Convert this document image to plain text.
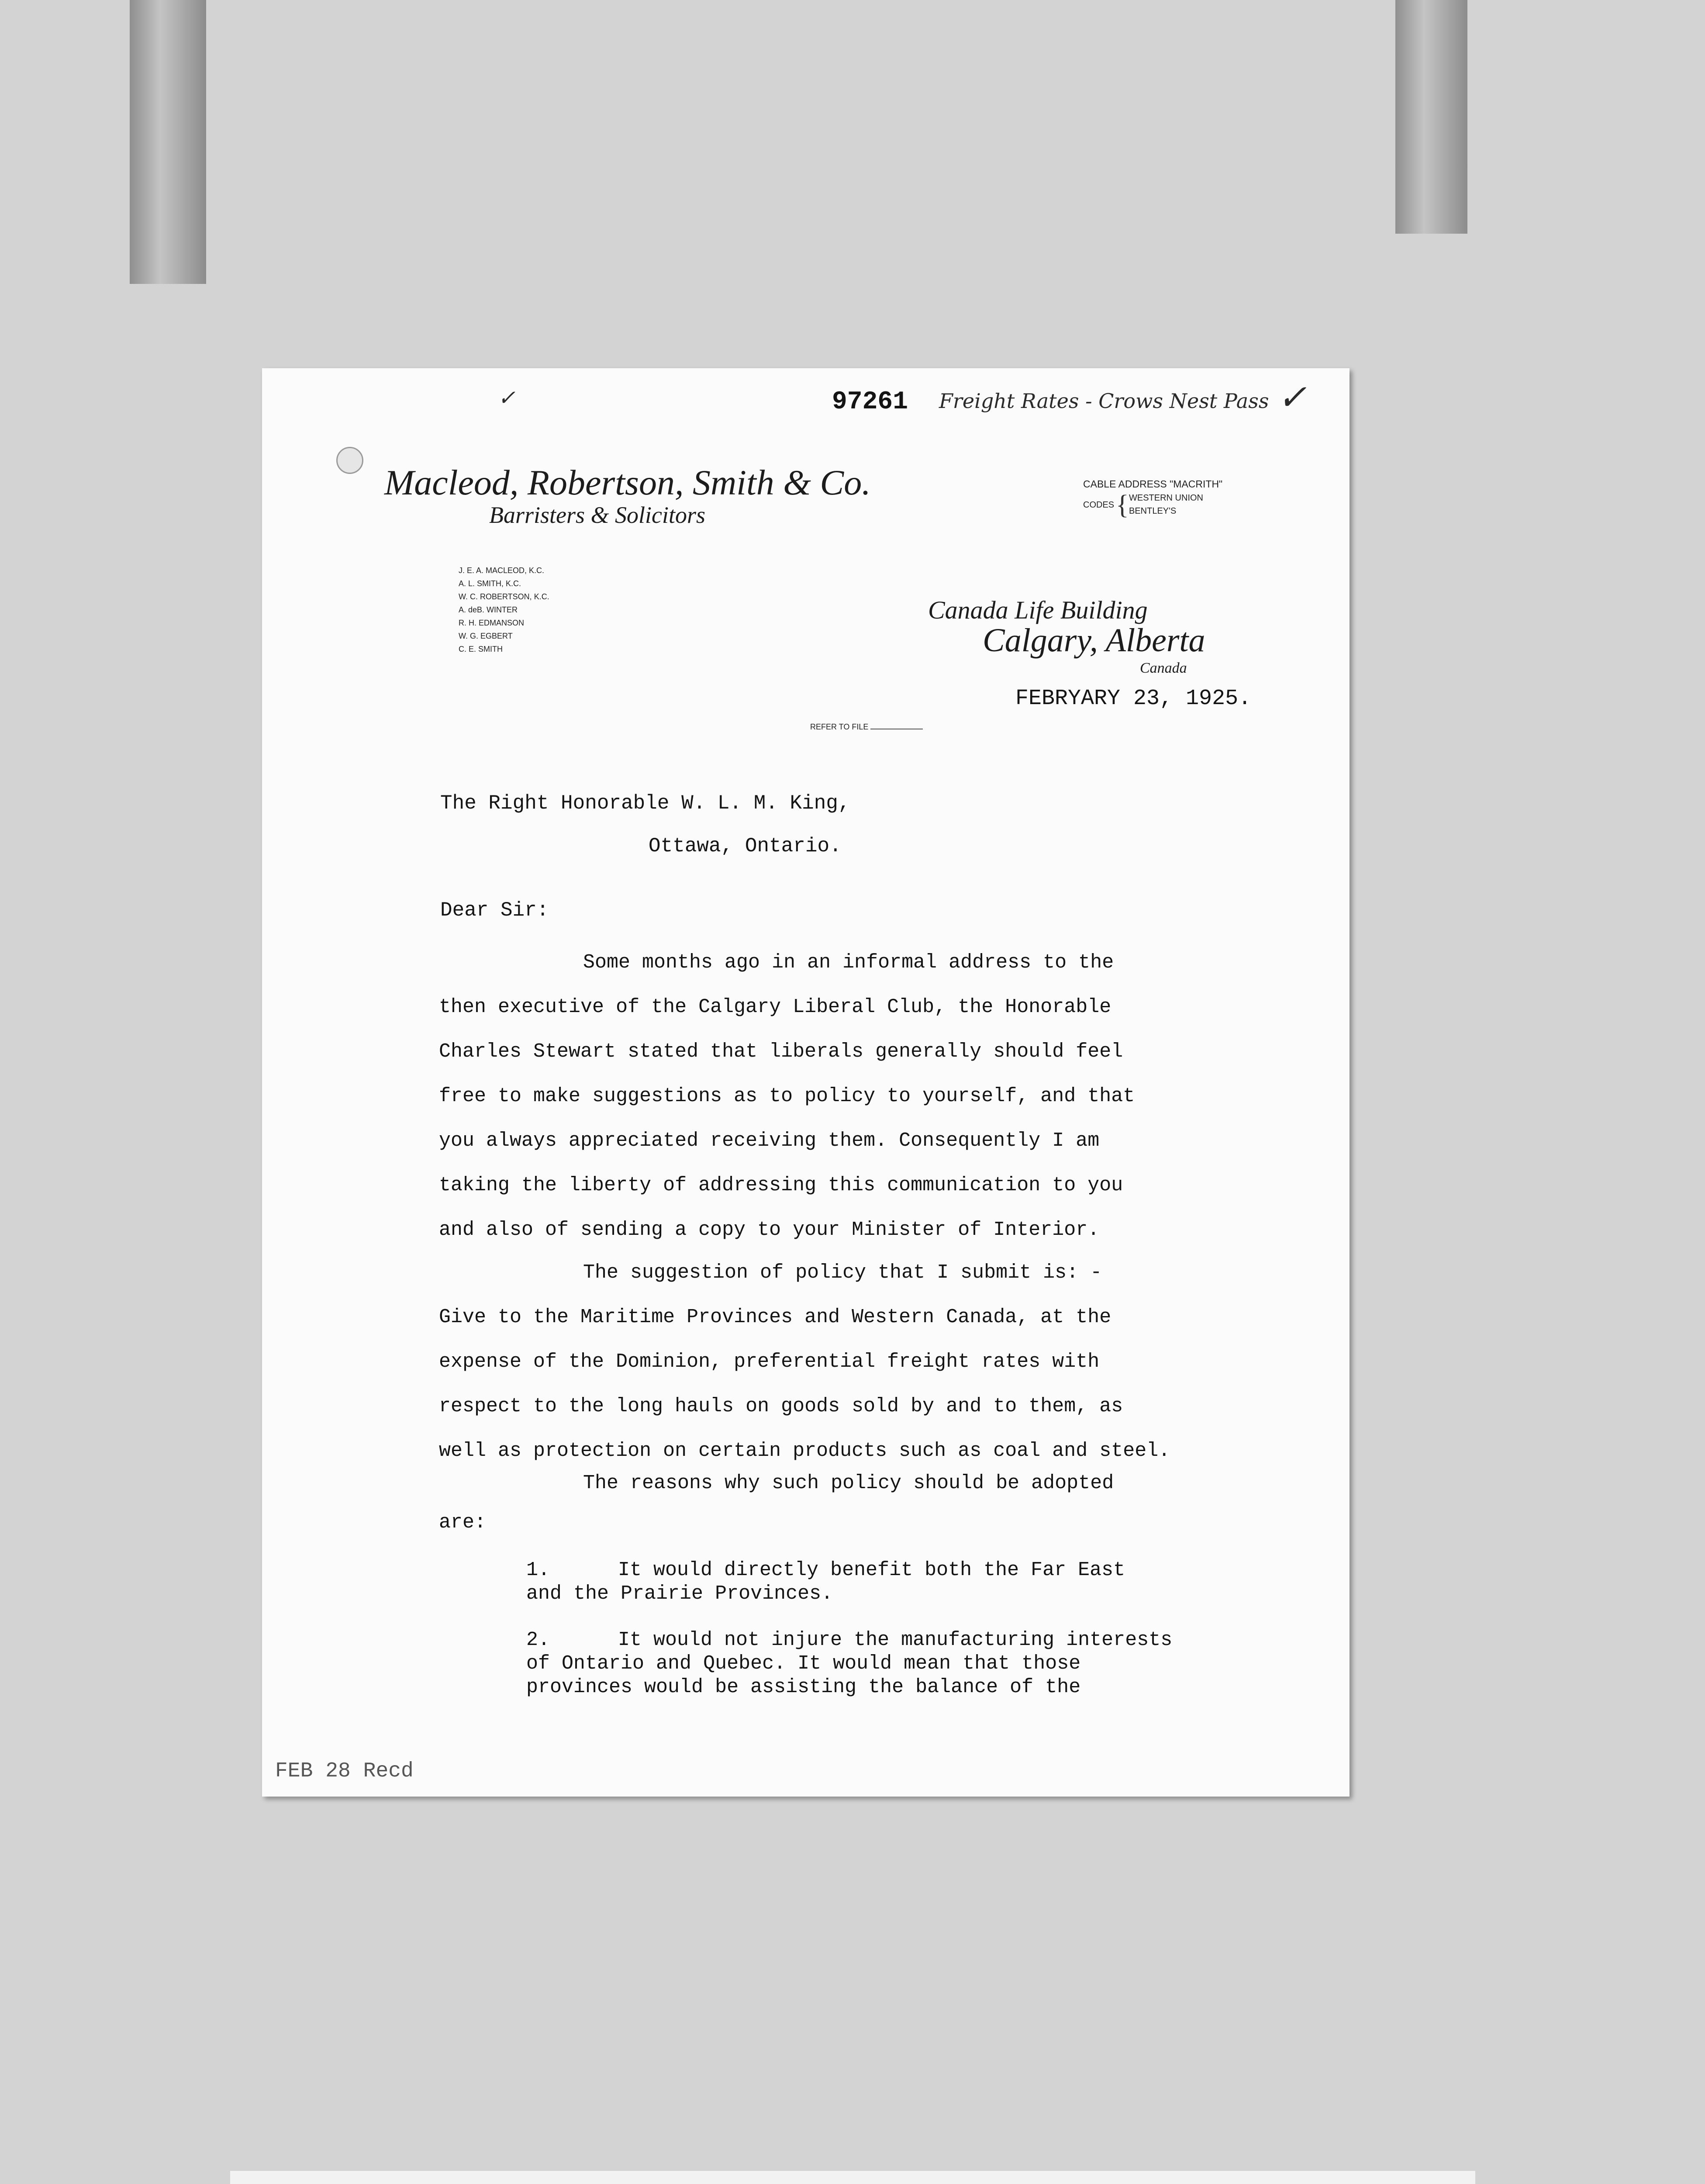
✓	97261 Freight Rates - Crows Nest Pass ✓
Macleod, Robertson, Smith & Co.
Barristers & Solicitors
CABLE ADDRESS "MACRITH"
CODES { WESTERN UNION
BENTLEY'S
J. E. A. MACLEOD, K.C.
A. L. SMITH, K.C.
W. C. ROBERTSON, K.C.
A. deB. WINTER
R. H. EDMANSON
W. G. EGBERT
C. E. SMITH
Canada Life Building
Calgary, Alberta
Canada
FEBRYARY 23, 1925.
REFER TO FILE
The Right Honorable W. L. M. King,
Ottawa, Ontario.
Dear Sir:

Some months ago in an informal address to the

then executive of the Calgary Liberal Club, the Honorable

Charles Stewart stated that liberals generally should feel

free to make suggestions as to policy to yourself, and that

you always appreciated receiving them. Consequently I am

taking the liberty of addressing this communication to you

and also of sending a copy to your Minister of Interior.

The suggestion of policy that I submit is: -

Give to the Maritime Provinces and Western Canada, at the

expense of the Dominion, preferential freight rates with

respect to the long hauls on goods sold by and to them, as

well as protection on certain products such as coal and steel.

The reasons why such policy should be adopted

are:

1.	It would directly benefit both the Far East
and the Prairie Provinces.
2.	It would not injure the manufacturing interests
of Ontario and Quebec. It would mean that those
provinces would be assisting the balance of the
FEB 28 Recd
